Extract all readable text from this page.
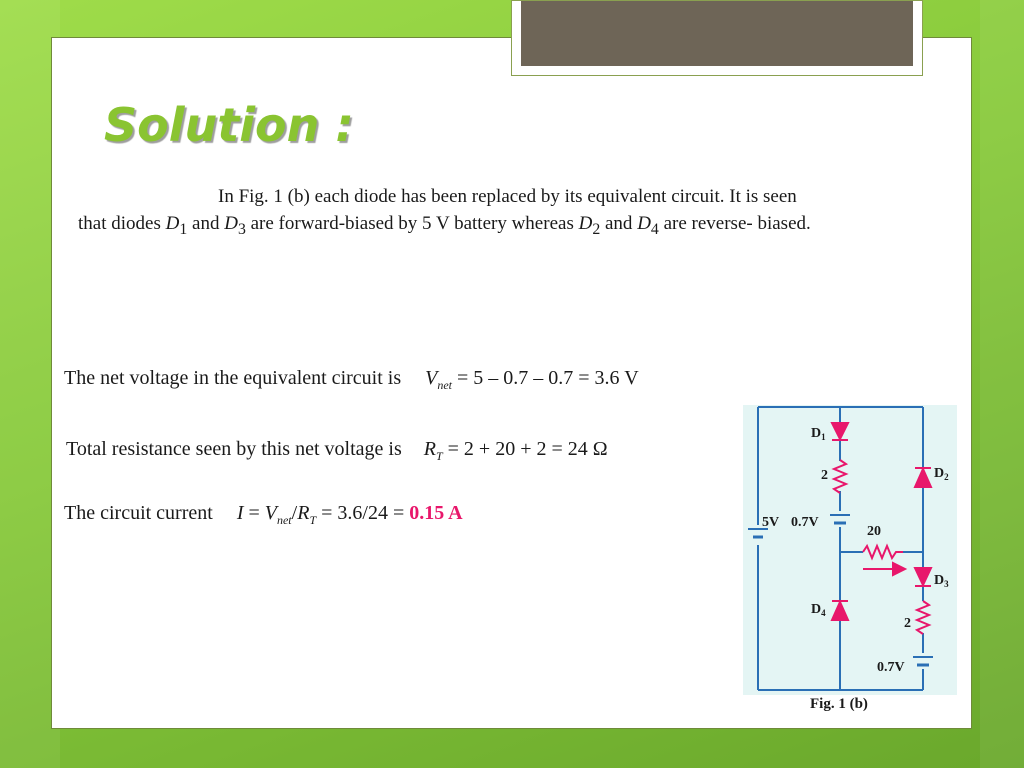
Solution :
In Fig. 1 (b) each diode has been replaced by its equivalent circuit. It is seen
that diodes $D_1$ and $D_3$ are forward-biased by 5 V battery whereas $D_2$ and $D_4$ are reverse- biased.
The net voltage in the equivalent circuit is $V_{net} = 5 - 0.7 - 0.7 = 3.6$ V
Total resistance seen by this net voltage is $R_T = 2 + 20 + 2 = 24$ Ω
The circuit current $I = V_{net}/R_T = 3.6/24 = 0.15$ A
$D_1$
$D_2$
$D_3$
$D_4$
2
2
20
5V 0.7V
0.7V
Fig. 1 (b)
